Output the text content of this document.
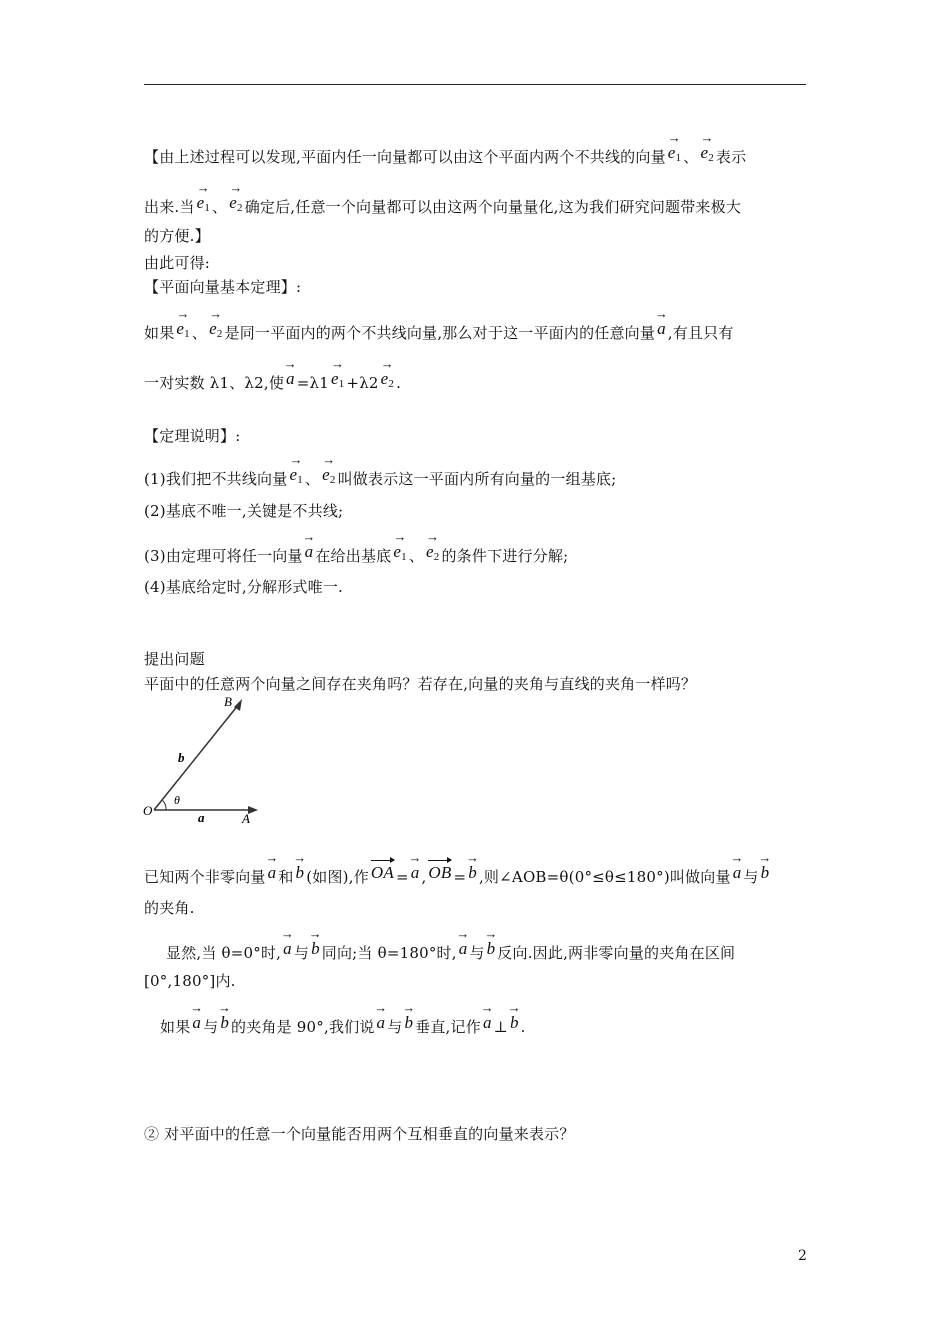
【由上述过程可以发现,平面内任一向量都可以由这个平面内两个不共线的向量 → $e_1$ 、 → $e_2$ 表示
出来.当 → $e_1$ 、 → $e_2$ 确定后,任意一个向量都可以由这两个向量量化,这为我们研究问题带来极大
的方便.】
由此可得:
【平面向量基本定理】:
如果 → $e_1$ 、 → $e_2$ 是同一平面内的两个不共线向量,那么对于这一平面内的任意向量 → a ,有且只有
一对实数 λ1、λ2,使 → $a =\lambda 1 \to e_1 +\lambda 2 \to e_2$ .
【定理说明】:
(1)我们把不共线向量 → $e_1$ 、 → $e_2$ 叫做表示这一平面内所有向量的一组基底;
(2)基底不唯一,关键是不共线;
(3)由定理可将任一向量 → a 在给出基底 → $e_1$ 、 → $e_2$ 的条件下进行分解;
(4)基底给定时,分解形式唯一.
提出问题
平面中的任意两个向量之间存在夹角吗？若存在,向量的夹角与直线的夹角一样吗？
B
b
O
θ
a	A
已知两个非零向量 → a 和 → b (如图),作 OA = → a , OB = → b ,则∠AOB=θ(0°≤θ≤180°)叫做向量 → a 与 → b
的夹角.
显然,当 θ=0°时, → a 与 → b 同向;当 θ=180°时, → a 与 → b 反向.因此,两非零向量的夹角在区间
[0°,180°]内.
如果 → a 与 → b 的夹角是 90°,我们说 → a 与 → b 垂直,记作 → a ⊥ → b .
② 对平面中的任意一个向量能否用两个互相垂直的向量来表示？
2
